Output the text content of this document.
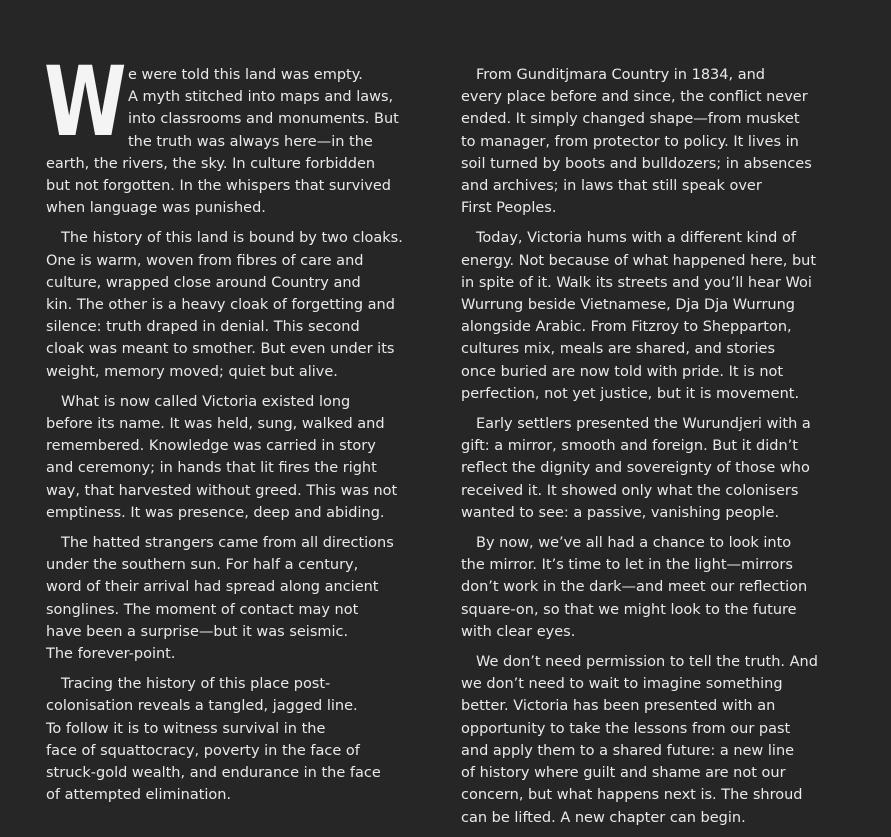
W e were told this land was empty.
A myth stitched into maps and laws,
into classrooms and monuments. But
the truth was always here—in the
earth, the rivers, the sky. In culture forbidden
but not forgotten. In the whispers that survived
when language was punished.

The history of this land is bound by two cloaks.
One is warm, woven from fibres of care and
culture, wrapped close around Country and
kin. The other is a heavy cloak of forgetting and
silence: truth draped in denial. This second
cloak was meant to smother. But even under its
weight, memory moved; quiet but alive.

What is now called Victoria existed long
before its name. It was held, sung, walked and
remembered. Knowledge was carried in story
and ceremony; in hands that lit fires the right
way, that harvested without greed. This was not
emptiness. It was presence, deep and abiding.

The hatted strangers came from all directions
under the southern sun. For half a century,
word of their arrival had spread along ancient
songlines. The moment of contact may not
have been a surprise—but it was seismic.
The forever-point.

Tracing the history of this place post-
colonisation reveals a tangled, jagged line.
To follow it is to witness survival in the
face of squattocracy, poverty in the face of
struck-gold wealth, and endurance in the face
of attempted elimination.

From Gunditjmara Country in 1834, and
every place before and since, the conflict never
ended. It simply changed shape—from musket
to manager, from protector to policy. It lives in
soil turned by boots and bulldozers; in absences
and archives; in laws that still speak over
First Peoples.

Today, Victoria hums with a different kind of
energy. Not because of what happened here, but
in spite of it. Walk its streets and you’ll hear Woi
Wurrung beside Vietnamese, Dja Dja Wurrung
alongside Arabic. From Fitzroy to Shepparton,
cultures mix, meals are shared, and stories
once buried are now told with pride. It is not
perfection, not yet justice, but it is movement.

Early settlers presented the Wurundjeri with a
gift: a mirror, smooth and foreign. But it didn’t
reflect the dignity and sovereignty of those who
received it. It showed only what the colonisers
wanted to see: a passive, vanishing people.

By now, we’ve all had a chance to look into
the mirror. It’s time to let in the light—mirrors
don’t work in the dark—and meet our reflection
square-on, so that we might look to the future
with clear eyes.

We don’t need permission to tell the truth. And
we don’t need to wait to imagine something
better. Victoria has been presented with an
opportunity to take the lessons from our past
and apply them to a shared future: a new line
of history where guilt and shame are not our
concern, but what happens next is. The shroud
can be lifted. A new chapter can begin.
